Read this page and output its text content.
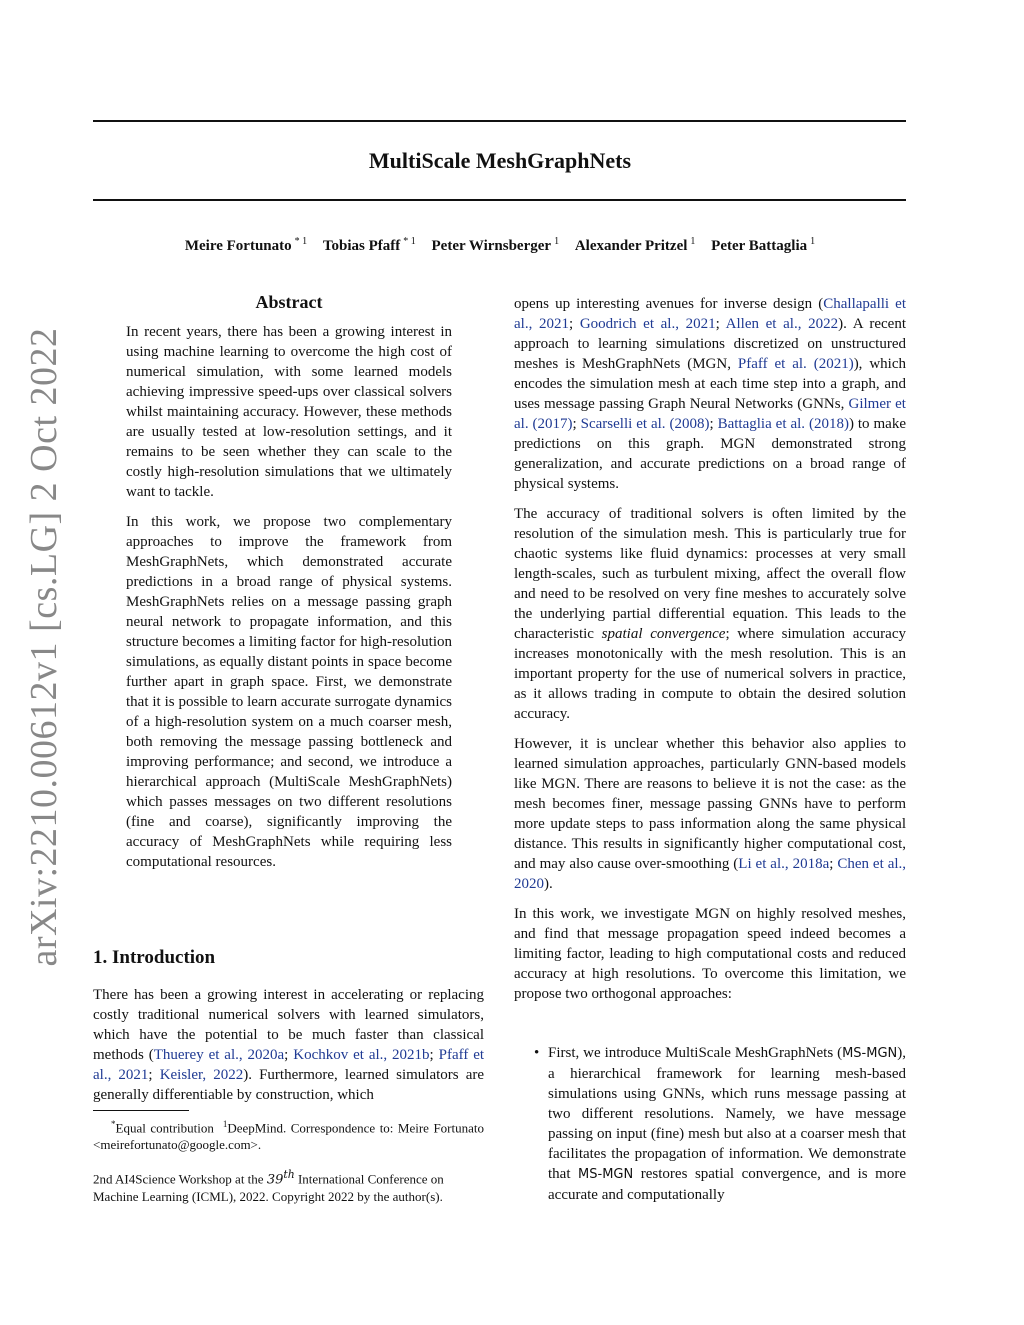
MultiScale MeshGraphNets
Meire Fortunato $^{* 1}$ Tobias Pfaff $^{* 1}$ Peter Wirnsberger $^1$ Alexander Pritzel $^1$ Peter Battaglia $^1$
arXiv:2210.00612v1 [cs.LG] 2 Oct 2022
Abstract

In recent years, there has been a growing interest in using machine learning to overcome the high cost of numerical simulation, with some learned models achieving impressive speed-ups over classical solvers whilst maintaining accuracy. However, these methods are usually tested at low-resolution settings, and it remains to be seen whether they can scale to the costly high-resolution simulations that we ultimately want to tackle.

In this work, we propose two complementary approaches to improve the framework from MeshGraphNets, which demonstrated accurate predictions in a broad range of physical systems. MeshGraphNets relies on a message passing graph neural network to propagate information, and this structure becomes a limiting factor for high-resolution simulations, as equally distant points in space become further apart in graph space. First, we demonstrate that it is possible to learn accurate surrogate dynamics of a high-resolution system on a much coarser mesh, both removing the message passing bottleneck and improving performance; and second, we introduce a hierarchical approach (MultiScale MeshGraphNets) which passes messages on two different resolutions (fine and coarse), significantly improving the accuracy of MeshGraphNets while requiring less computational resources.

1. Introduction
There has been a growing interest in accelerating or replacing costly traditional numerical solvers with learned simulators, which have the potential to be much faster than classical methods (Thuerey et al., 2020a; Kochkov et al., 2021b; Pfaff et al., 2021; Keisler, 2022). Furthermore, learned simulators are generally differentiable by construction, which
*Equal contribution $^1$DeepMind. Correspondence to: Meire Fortunato <meirefortunato@google.com>.
2nd AI4Science Workshop at the 39th International Conference on Machine Learning (ICML), 2022. Copyright 2022 by the author(s).

opens up interesting avenues for inverse design (Challapalli et al., 2021; Goodrich et al., 2021; Allen et al., 2022). A recent approach to learning simulations discretized on unstructured meshes is MeshGraphNets (MGN, Pfaff et al. (2021)), which encodes the simulation mesh at each time step into a graph, and uses message passing Graph Neural Networks (GNNs, Gilmer et al. (2017); Scarselli et al. (2008); Battaglia et al. (2018)) to make predictions on this graph. MGN demonstrated strong generalization, and accurate predictions on a broad range of physical systems.

The accuracy of traditional solvers is often limited by the resolution of the simulation mesh. This is particularly true for chaotic systems like fluid dynamics: processes at very small length-scales, such as turbulent mixing, affect the overall flow and need to be resolved on very fine meshes to accurately solve the underlying partial differential equation. This leads to the characteristic spatial convergence; where simulation accuracy increases monotonically with the mesh resolution. This is an important property for the use of numerical solvers in practice, as it allows trading in compute to obtain the desired solution accuracy.

However, it is unclear whether this behavior also applies to learned simulation approaches, particularly GNN-based models like MGN. There are reasons to believe it is not the case: as the mesh becomes finer, message passing GNNs have to perform more update steps to pass information along the same physical distance. This results in significantly higher computational cost, and may also cause over-smoothing (Li et al., 2018a; Chen et al., 2020).

In this work, we investigate MGN on highly resolved meshes, and find that message propagation speed indeed becomes a limiting factor, leading to high computational costs and reduced accuracy at high resolutions. To overcome this limitation, we propose two orthogonal approaches:

• First, we introduce MultiScale MeshGraphNets (MS-MGN), a hierarchical framework for learning mesh-based simulations using GNNs, which runs message passing at two different resolutions. Namely, we have message passing on input (fine) mesh but also at a coarser mesh that facilitates the propagation of information. We demonstrate that MS-MGN restores spatial convergence, and is more accurate and computationally
